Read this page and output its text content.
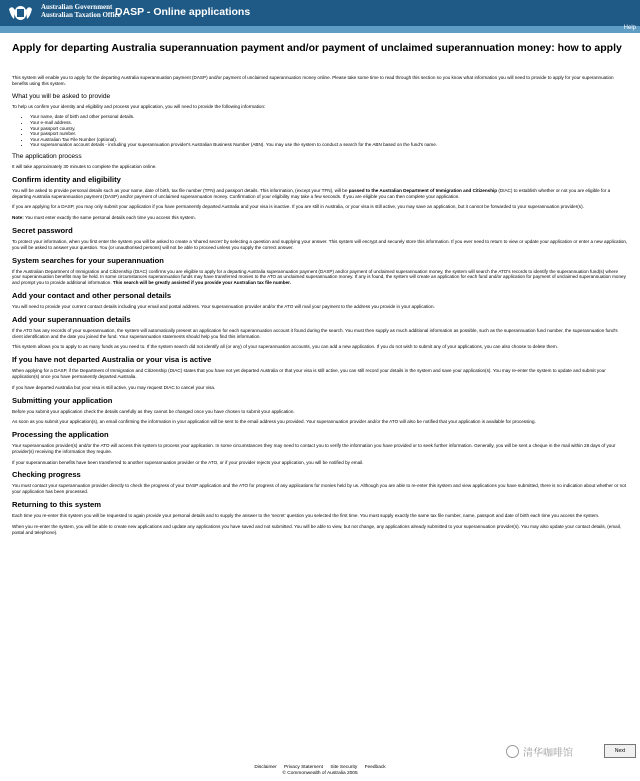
Australian Government
Australian Taxation Office
DASP - Online applications
Help
Apply for departing Australia superannuation payment and/or payment of unclaimed superannuation money: how to apply

This system will enable you to apply for the departing Australia superannuation payment (DASP) and/or payment of unclaimed superannuation money online. Please take some time to read through this section so you know what information you will need to provide to apply for your superannuation benefits using this system.

What you will be asked to provide

To help us confirm your identity and eligibility and process your application, you will need to provide the following information:

• Your name, date of birth and other personal details.
• Your e-mail address.
• Your passport country.
• Your passport number.
• Your Australian Tax File Number (optional).
• Your superannuation account details - including your superannuation provider's Australian Business Number (ABN). You may use the system to conduct a search for the ABN based on the fund's name.
The application process

It will take approximately 30 minutes to complete the application online.

Confirm identity and eligibility

You will be asked to provide personal details such as your name, date of birth, tax file number (TFN) and passport details. This information, (except your TFN), will be passed to the Australian Department of Immigration and Citizenship (DIAC) to establish whether or not you are eligible for a departing Australia superannuation payment (DASP) and/or payment of unclaimed superannuation money. Confirmation of your eligibility may take a few seconds. If you are eligible you can then complete your application.

If you are applying for a DASP, you may only submit your application if you have permanently departed Australia and your visa is inactive. If you are still in Australia, or your visa is still active, you may save an application, but it cannot be forwarded to your superannuation provider(s).

Note: You must enter exactly the same personal details each time you access this system.

Secret password

To protect your information, when you first enter the system you will be asked to create a 'shared secret' by selecting a question and supplying your answer. This system will encrypt and securely store this information. If you ever need to return to view or update your application or enter a new application, you will be asked to answer your question. You (or unauthorised persons) will not be able to proceed unless you supply the correct answer.

System searches for your superannuation

If the Australian Department of Immigration and Citizenship (DIAC) confirms you are eligible to apply for a departing Australia superannuation payment (DASP) and/or payment of unclaimed superannuation money, the system will search the ATO's records to identify the superannuation fund(s) where your superannuation benefits may be held. In some circumstances superannuation funds may have transferred monies to the ATO as unclaimed superannuation money. If any is found, the system will create an application for each fund and/or application for payment of unclaimed superannuation money and prompt you to provide additional information. This search will be greatly assisted if you provide your Australian tax file number.

Add your contact and other personal details

You will need to provide your current contact details including your email and postal address. Your superannuation provider and/or the ATO will mail your payment to the address you provide in your application.

Add your superannuation details

If the ATO has any records of your superannuation, the system will automatically present an application for each superannuation account it found during the search. You must then supply as much additional information as possible, such as the superannuation fund number, the superannuation fund's client identification and the date you joined the fund. Your superannuation statements should help you find this information.

This system allows you to apply to as many funds as you need to. If the system search did not identify all (or any) of your superannuation accounts, you can add a new application. If you do not wish to submit any of your applications, you can also choose to delete them.

If you have not departed Australia or your visa is active

When applying for a DASP, if the Department of Immigration and Citizenship (DIAC) states that you have not yet departed Australia or that your visa is still active, you can still record your details in the system and save your application(s). You may re-enter the system to update and submit your application(s) once you have permanently departed Australia.

If you have departed Australia but your visa is still active, you may request DIAC to cancel your visa.

Submitting your application

Before you submit your application check the details carefully as they cannot be changed once you have chosen to submit your application.

As soon as you submit your application(s), an email confirming the information in your application will be sent to the email address you provided. Your superannuation provider and/or the ATO will also be notified that your application is available for processing.

Processing the application

Your superannuation provider(s) and/or the ATO will access this system to process your application. In some circumstances they may need to contact you to verify the information you have provided or to seek further information. Generally, you will be sent a cheque in the mail within 28 days of your provider(s) receiving the information they require.

If your superannuation benefits have been transferred to another superannuation provider or the ATO, or if your provider rejects your application, you will be notified by email.

Checking progress

You must contact your superannuation provider directly to check the progress of your DASP application and the ATO for progress of any applications for monies held by us. Although you are able to re-enter this system and view applications you have submitted, there is no indication about whether or not your application has been processed.

Returning to this system

Each time you re-enter this system you will be requested to again provide your personal details and to supply the answer to the 'secret' question you selected the first time. You must supply exactly the same tax file number, name, passport and date of birth each time you access the system.

When you re-enter the system, you will be able to create new applications and update any applications you have saved and not submitted. You will be able to view, but not change, any applications already submitted to your superannuation provider(s). You may also update your contact details, (email, postal and telephone).

清华咖啡馆	Next
Disclaimer Privacy Statement Site Security Feedback
© Commonwealth of Australia 2005
